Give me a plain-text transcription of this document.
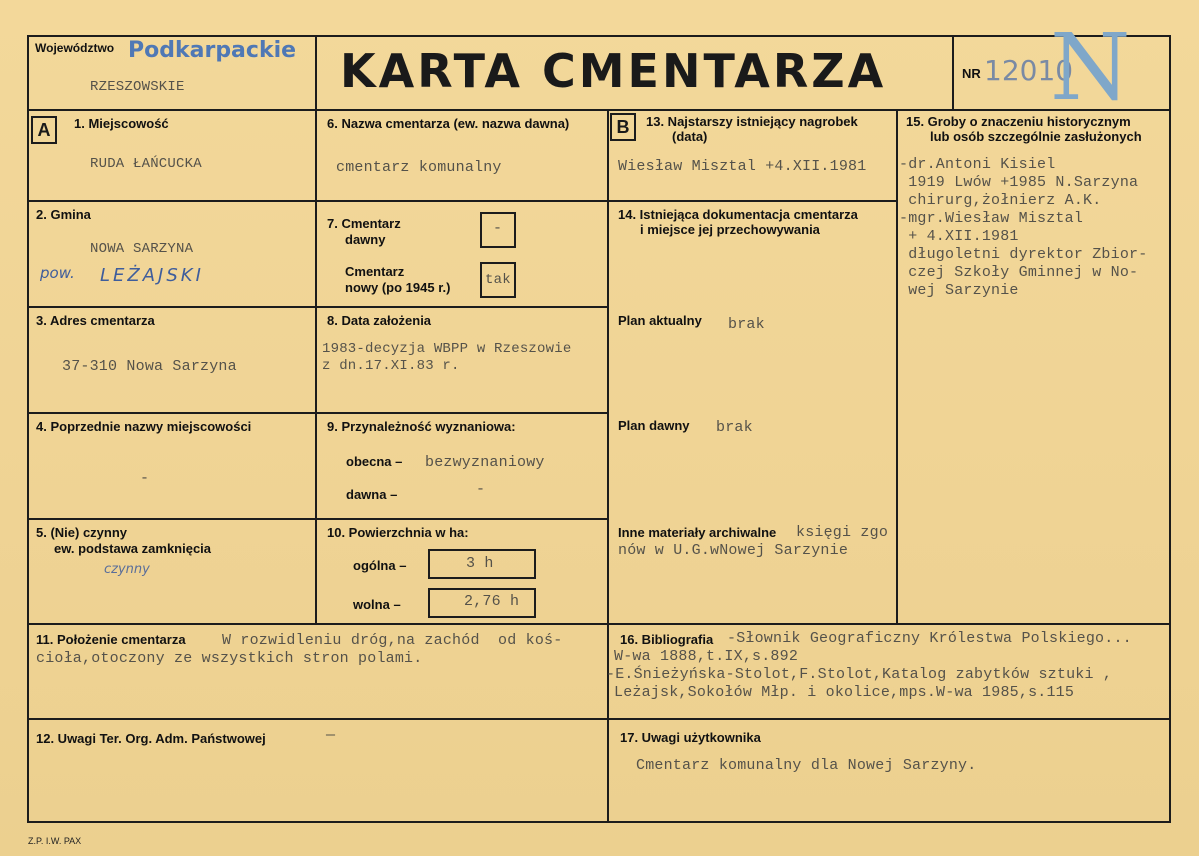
Województwo Podkarpackie
RZESZOWSKIE	KARTA CMENTARZA	NR 12010
N
A	B
1. Miejscowość
RUDA ŁAŃCUCKA
2. Gmina
NOWA SARZYNA
pow. LEŻAJSKI
3. Adres cmentarza
37-310 Nowa Sarzyna
4. Poprzednie nazwy miejscowości
-
5. (Nie) czynny
ew. podstawa zamknięcia
czynny
6. Nazwa cmentarza (ew. nazwa dawna)
cmentarz komunalny
7. Cmentarz
dawny
-
Cmentarz
nowy (po 1945 r.) tak
8. Data założenia
1983-decyzja WBPP w Rzeszowie
z dn.17.XI.83 r.
9. Przynależność wyznaniowa:
obecna – bezwyznaniowy
dawna –	-
10. Powierzchnia w ha:
ogólna –	3 h
wolna –	2,76 h
11. Położenie cmentarza W rozwidleniu dróg,na zachód  od koś-
cioła,otoczony ze wszystkich stron polami.
12. Uwagi Ter. Org. Adm. Państwowej	—
13. Najstarszy istniejący nagrobek
(data)
Wiesław Misztal +4.XII.1981
14. Istniejąca dokumentacja cmentarza
i miejsce jej przechowywania
Plan aktualny brak
Plan dawny brak
Inne materiały archiwalne księgi zgo
nów w U.G.wNowej Sarzynie
15. Groby o znaczeniu historycznym
lub osób szczególnie zasłużonych
-dr.Antoni Kisiel
1919 Lwów +1985 N.Sarzyna
chirurg,żołnierz A.K.
-mgr.Wiesław Misztal
+ 4.XII.1981
długoletni dyrektor Zbior-
czej Szkoły Gminnej w No-
wej Sarzynie
16. Bibliografia -Słownik Geograficzny Królestwa Polskiego...
W-wa 1888,t.IX,s.892
-E.Śnieżyńska-Stolot,F.Stolot,Katalog zabytków sztuki ,
Leżajsk,Sokołów Młp. i okolice,mps.W-wa 1985,s.115
17. Uwagi użytkownika
Cmentarz komunalny dla Nowej Sarzyny.
Z.P. I.W. PAX
